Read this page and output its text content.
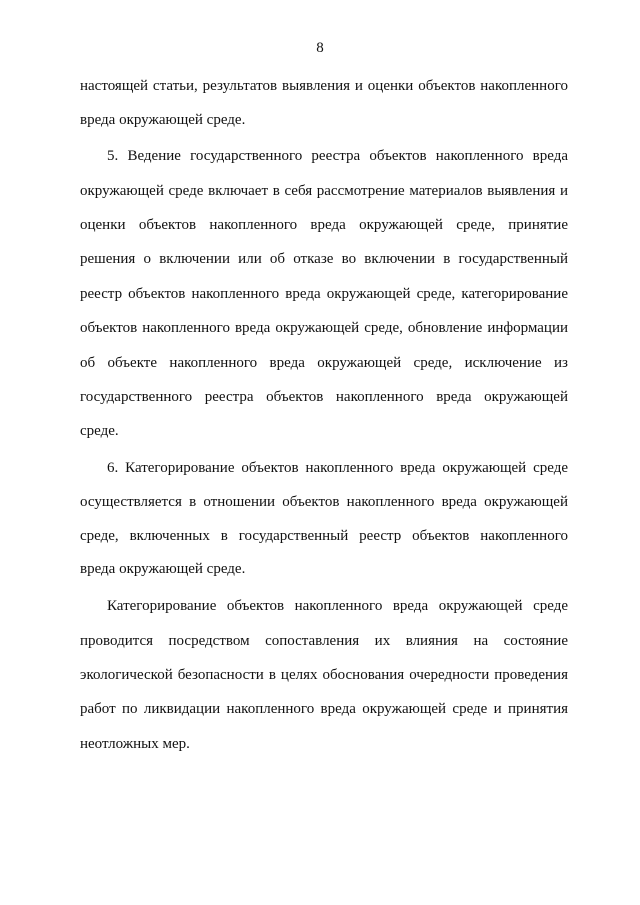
8
настоящей статьи, результатов выявления и оценки объектов накопленного
вреда окружающей среде.
5. Ведение государственного реестра объектов накопленного вреда
окружающей среде включает в себя рассмотрение материалов выявления и
оценки объектов накопленного вреда окружающей среде, принятие
решения о включении или об отказе во включении в государственный
реестр объектов накопленного вреда окружающей среде, категорирование
объектов накопленного вреда окружающей среде, обновление информации
об объекте накопленного вреда окружающей среде, исключение из
государственного реестра объектов накопленного вреда окружающей
среде.
6. Категорирование объектов накопленного вреда окружающей среде
осуществляется в отношении объектов накопленного вреда окружающей
среде, включенных в государственный реестр объектов накопленного
вреда окружающей среде.
Категорирование объектов накопленного вреда окружающей среде
проводится посредством сопоставления их влияния на состояние
экологической безопасности в целях обоснования очередности проведения
работ по ликвидации накопленного вреда окружающей среде и принятия
неотложных мер.
